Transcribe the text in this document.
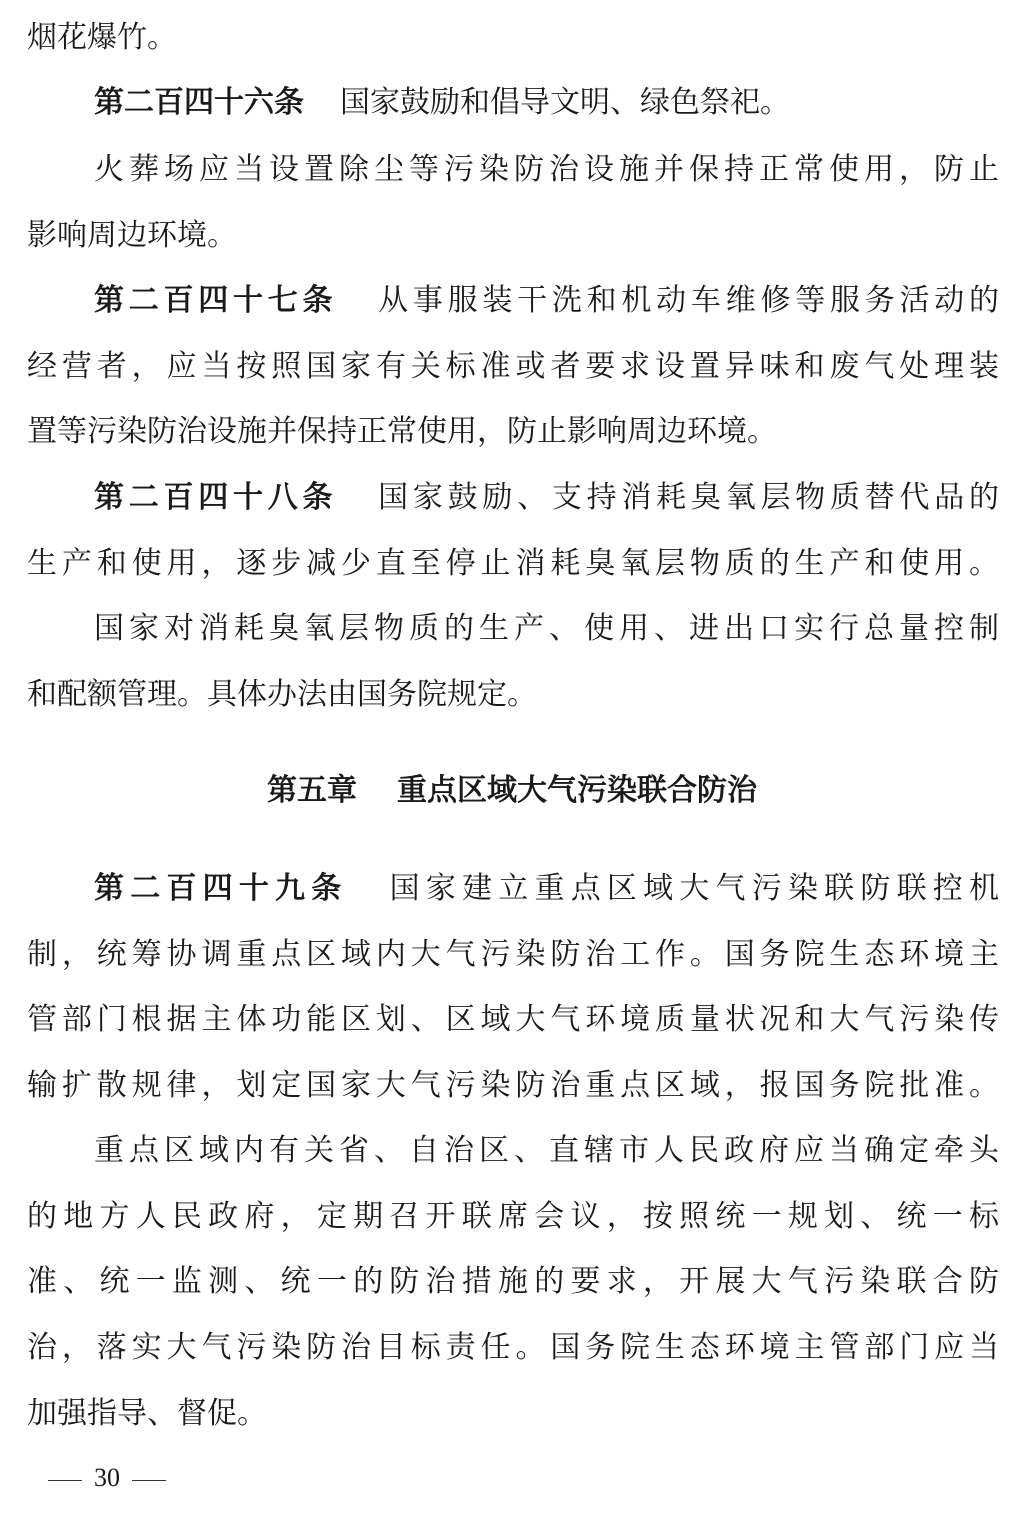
烟花爆竹。
第二百四十六条 国家鼓励和倡导文明、绿色祭祀。
火葬场应当设置除尘等污染防治设施并保持正常使用，防止
影响周边环境。
第二百四十七条 从事服装干洗和机动车维修等服务活动的
经营者，应当按照国家有关标准或者要求设置异味和废气处理装
置等污染防治设施并保持正常使用，防止影响周边环境。
第二百四十八条 国家鼓励、支持消耗臭氧层物质替代品的
生产和使用，逐步减少直至停止消耗臭氧层物质的生产和使用。
国家对消耗臭氧层物质的生产、使用、进出口实行总量控制
和配额管理。具体办法由国务院规定。
第五章 重点区域大气污染联合防治
第二百四十九条 国家建立重点区域大气污染联防联控机
制，统筹协调重点区域内大气污染防治工作。国务院生态环境主
管部门根据主体功能区划、区域大气环境质量状况和大气污染传
输扩散规律，划定国家大气污染防治重点区域，报国务院批准。
重点区域内有关省、自治区、直辖市人民政府应当确定牵头
的地方人民政府，定期召开联席会议，按照统一规划、统一标
准、统一监测、统一的防治措施的要求，开展大气污染联合防
治，落实大气污染防治目标责任。国务院生态环境主管部门应当
加强指导、督促。
30
